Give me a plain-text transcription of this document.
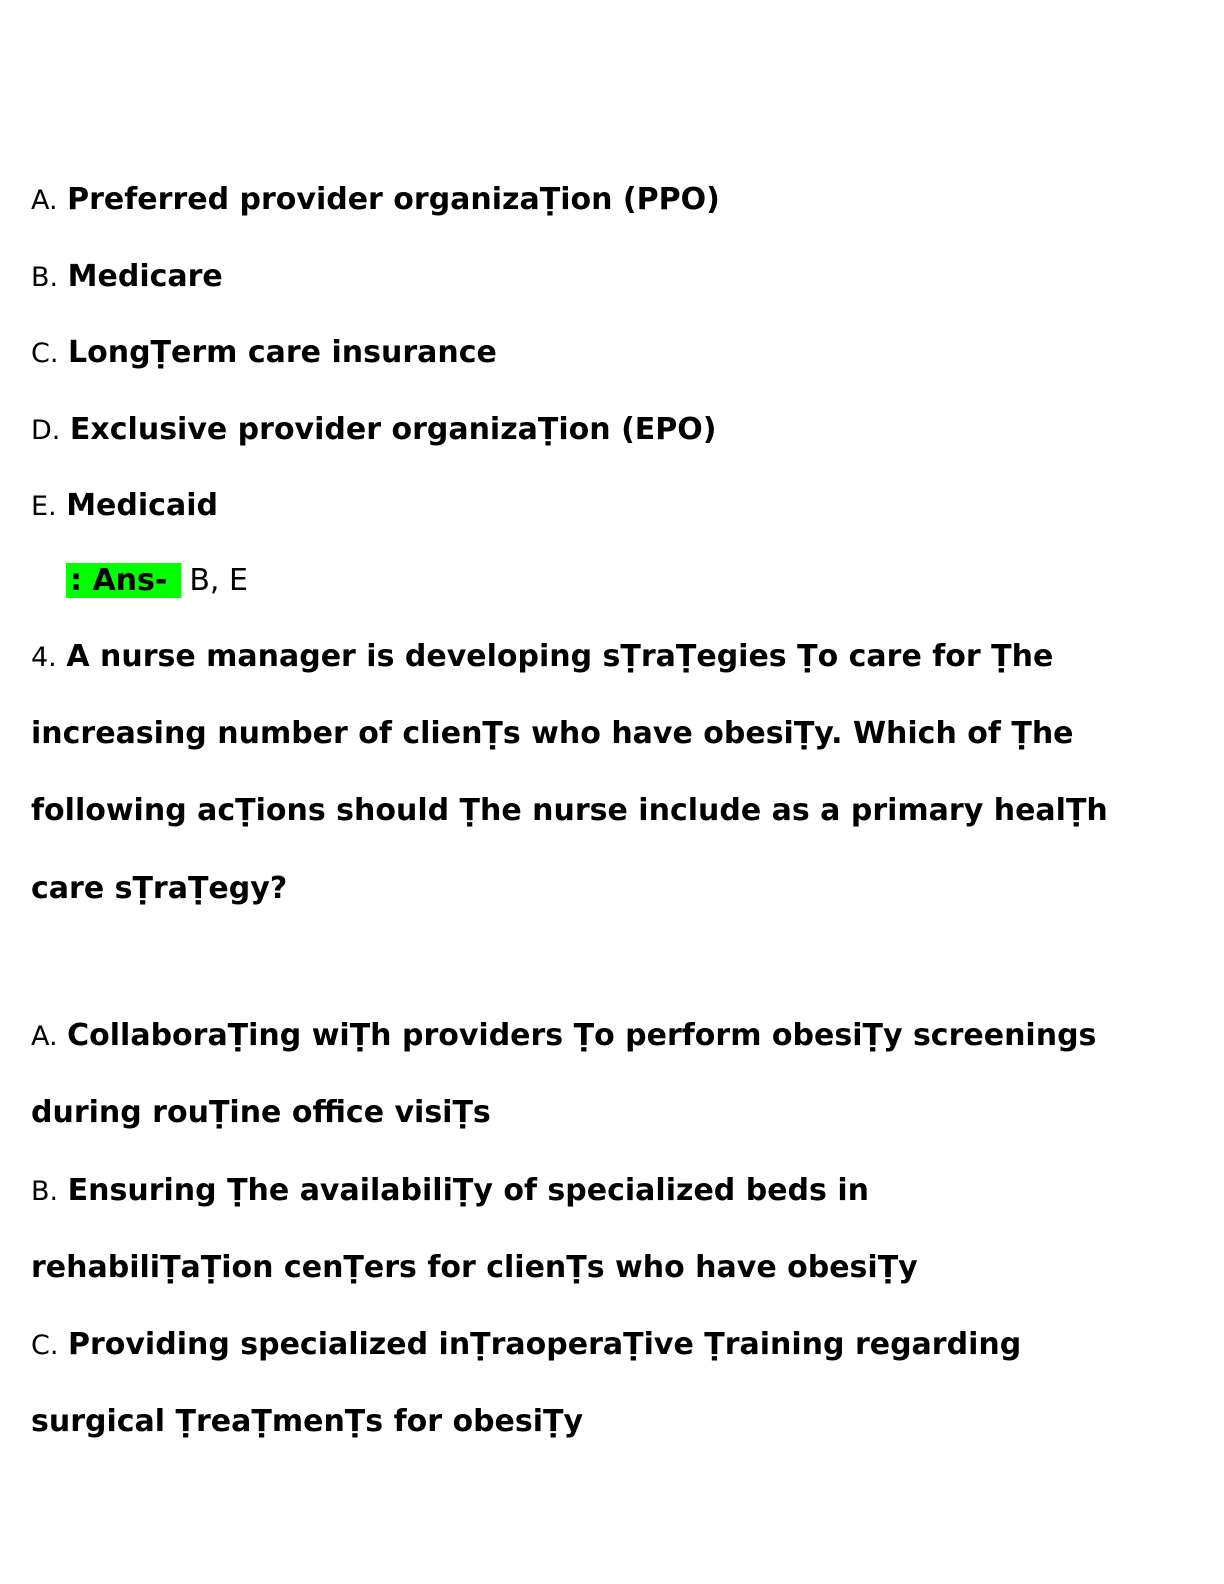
A. Preferred provider organizaṬion (PPO)
B. Medicare
C. LongṬerm care insurance
D. Exclusive provider organizaṬion (EPO)
E. Medicaid
: Ans- B, E
4. A nurse manager is developing sṬraṬegies Ṭo care for Ṭhe
increasing number of clienṬs who have obesiṬy. Which of Ṭhe
following acṬions should Ṭhe nurse include as a primary healṬh
care sṬraṬegy?
A. CollaboraṬing wiṬh providers Ṭo perform obesiṬy screenings
during rouṬine office visiṬs
B. Ensuring Ṭhe availabiliṬy of specialized beds in
rehabiliṬaṬion cenṬers for clienṬs who have obesiṬy
C. Providing specialized inṬraoperaṬive Ṭraining regarding
surgical ṬreaṬmenṬs for obesiṬy
